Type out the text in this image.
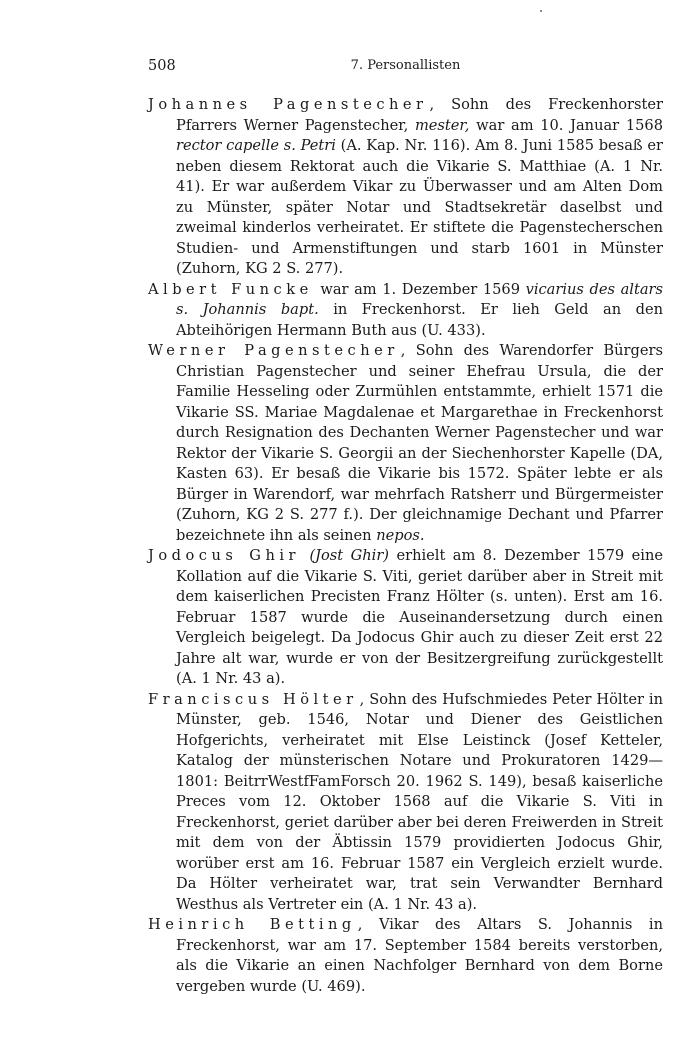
508	7. Personallisten

Johannes Pagenstecher , Sohn des Freckenhorster Pfarrers Werner Pagenstecher, mester, war am 10. Januar 1568 rector capelle s. Petri (A. Kap. Nr. 116). Am 8. Juni 1585 besaß er neben diesem Rektorat auch die Vikarie S. Matthiae (A. 1 Nr. 41). Er war außerdem Vikar zu Überwasser und am Alten Dom zu Münster, später Notar und Stadtsekretär daselbst und zweimal kinderlos verheiratet. Er stiftete die Pagenstecherschen Studien- und Armenstiftungen und starb 1601 in Münster (Zuhorn, KG 2 S. 277).

Albert Funcke war am 1. Dezember 1569 vicarius des altars s. Johannis bapt. in Freckenhorst. Er lieh Geld an den Abteihörigen Hermann Buth aus (U. 433).

Werner Pagenstecher , Sohn des Warendorfer Bürgers Christian Pagenstecher und seiner Ehefrau Ursula, die der Familie Hesseling oder Zurmühlen entstammte, erhielt 1571 die Vikarie SS. Mariae Magdalenae et Margarethae in Freckenhorst durch Resignation des Dechanten Werner Pagenstecher und war Rektor der Vikarie S. Georgii an der Siechenhorster Kapelle (DA, Kasten 63). Er besaß die Vikarie bis 1572. Später lebte er als Bürger in Warendorf, war mehrfach Ratsherr und Bürgermeister (Zuhorn, KG 2 S. 277 f.). Der gleichnamige Dechant und Pfarrer bezeichnete ihn als seinen nepos.

Jodocus Ghir (Jost Ghir) erhielt am 8. Dezember 1579 eine Kollation auf die Vikarie S. Viti, geriet darüber aber in Streit mit dem kaiserlichen Precisten Franz Hölter (s. unten). Erst am 16. Februar 1587 wurde die Auseinandersetzung durch einen Vergleich beigelegt. Da Jodocus Ghir auch zu dieser Zeit erst 22 Jahre alt war, wurde er von der Besitzergreifung zurückgestellt (A. 1 Nr. 43 a).

Franciscus Hölter , Sohn des Hufschmiedes Peter Hölter in Münster, geb. 1546, Notar und Diener des Geistlichen Hofgerichts, verheiratet mit Else Leistinck (Josef Ketteler, Katalog der münsterischen Notare und Prokuratoren 1429—1801: BeitrrWestfFamForsch 20. 1962 S. 149), besaß kaiserliche Preces vom 12. Oktober 1568 auf die Vikarie S. Viti in Freckenhorst, geriet darüber aber bei deren Freiwerden in Streit mit dem von der Äbtissin 1579 providierten Jodocus Ghir, worüber erst am 16. Februar 1587 ein Vergleich erzielt wurde. Da Hölter verheiratet war, trat sein Verwandter Bernhard Westhus als Vertreter ein (A. 1 Nr. 43 a).

Heinrich Betting , Vikar des Altars S. Johannis in Freckenhorst, war am 17. September 1584 bereits verstorben, als die Vikarie an einen Nachfolger Bernhard von dem Borne vergeben wurde (U. 469).
